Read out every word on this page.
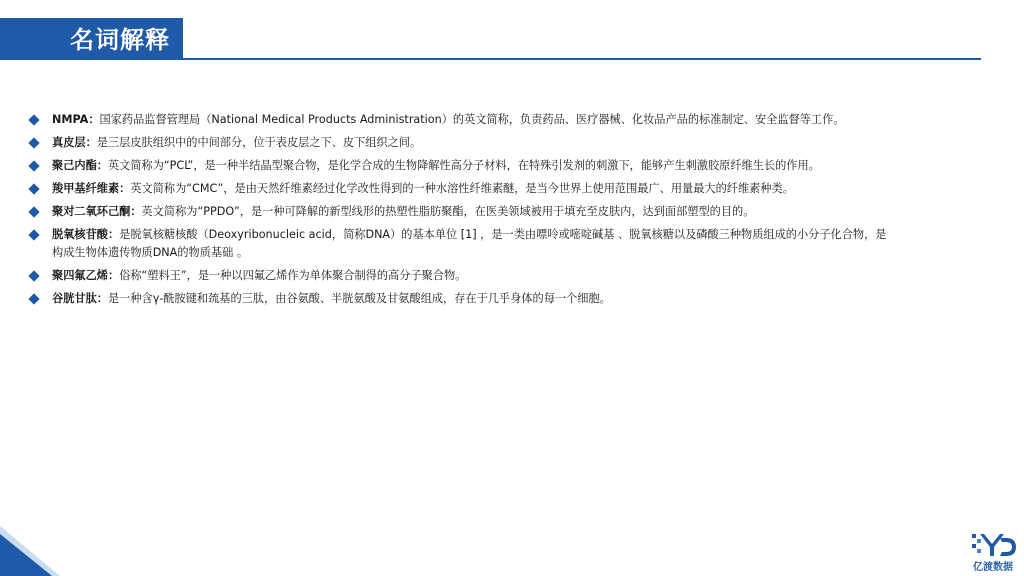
名词解释
NMPA：国家药品监督管理局（National Medical Products Administration）的英文简称，负责药品、医疗器械、化妆品产品的标准制定、安全监督等工作。
真皮层：是三层皮肤组织中的中间部分，位于表皮层之下、皮下组织之间。
聚己内酯：英文简称为“PCL”，是一种半结晶型聚合物，是化学合成的生物降解性高分子材料，在特殊引发剂的刺激下，能够产生刺激胶原纤维生长的作用。
羧甲基纤维素：英文简称为“CMC”，是由天然纤维素经过化学改性得到的一种水溶性纤维素醚，是当今世界上使用范围最广、用量最大的纤维素种类。
聚对二氧环己酮：英文简称为“PPDO”，是一种可降解的新型线形的热塑性脂肪聚酯，在医美领域被用于填充至皮肤内，达到面部塑型的目的。
脱氧核苷酸：是脱氧核糖核酸（Deoxyribonucleic acid，简称DNA）的基本单位 [1] ，是一类由嘌呤或嘧啶碱基 、脱氧核糖以及磷酸三种物质组成的小分子化合物，是
构成生物体遗传物质DNA的物质基础 。
聚四氟乙烯：俗称“塑料王”，是一种以四氟乙烯作为单体聚合制得的高分子聚合物。
谷胱甘肽：是一种含γ-酰胺键和巯基的三肽，由谷氨酸、半胱氨酸及甘氨酸组成，存在于几乎身体的每一个细胞。
亿渡数据
